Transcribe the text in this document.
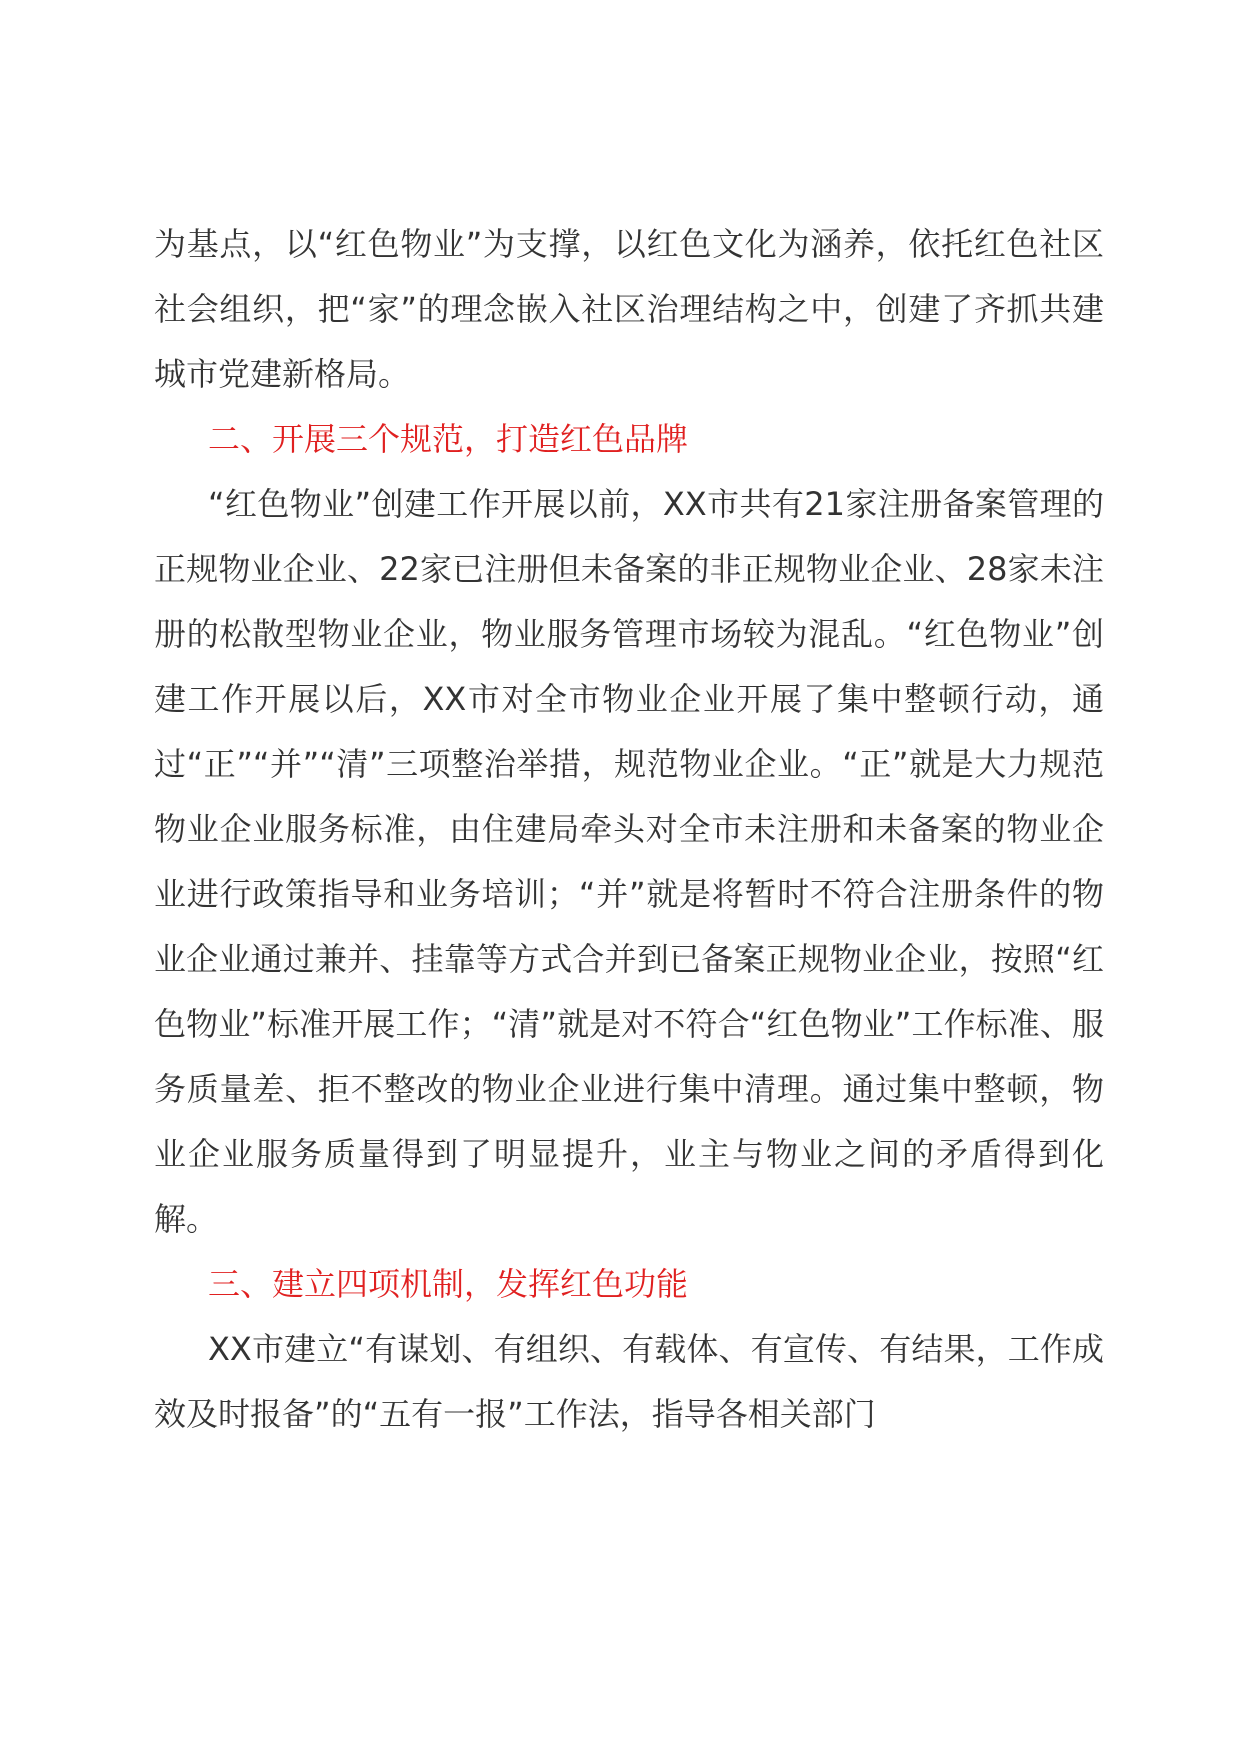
为基点，以“红色物业”为支撑，以红色文化为涵养，依托红色社区社会组织，把“家”的理念嵌入社区治理结构之中，创建了齐抓共建城市党建新格局。

二、开展三个规范，打造红色品牌

“红色物业”创建工作开展以前，XX市共有21家注册备案管理的正规物业企业、22家已注册但未备案的非正规物业企业、28家未注册的松散型物业企业，物业服务管理市场较为混乱。“红色物业”创建工作开展以后，XX市对全市物业企业开展了集中整顿行动，通过“正”“并”“清”三项整治举措，规范物业企业。“正”就是大力规范物业企业服务标准，由住建局牵头对全市未注册和未备案的物业企业进行政策指导和业务培训；“并”就是将暂时不符合注册条件的物业企业通过兼并、挂靠等方式合并到已备案正规物业企业，按照“红色物业”标准开展工作；“清”就是对不符合“红色物业”工作标准、服务质量差、拒不整改的物业企业进行集中清理。通过集中整顿，物业企业服务质量得到了明显提升，业主与物业之间的矛盾得到化解。

三、建立四项机制，发挥红色功能

XX市建立“有谋划、有组织、有载体、有宣传、有结果，工作成效及时报备”的“五有一报”工作法，指导各相关部门
